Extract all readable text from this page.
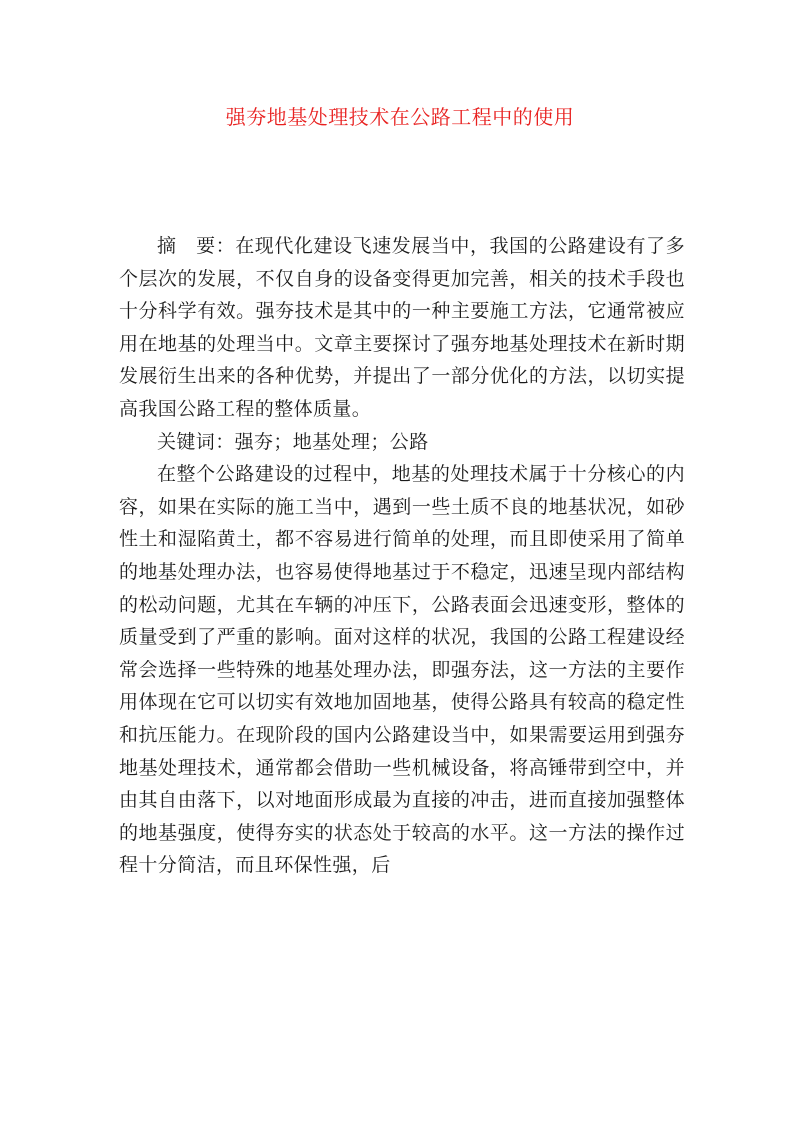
强夯地基处理技术在公路工程中的使用

摘　要：在现代化建设飞速发展当中，我国的公路建设有了多个层次的发展，不仅自身的设备变得更加完善，相关的技术手段也十分科学有效。强夯技术是其中的一种主要施工方法，它通常被应用在地基的处理当中。文章主要探讨了强夯地基处理技术在新时期发展衍生出来的各种优势，并提出了一部分优化的方法，以切实提高我国公路工程的整体质量。

关键词：强夯；地基处理；公路

在整个公路建设的过程中，地基的处理技术属于十分核心的内容，如果在实际的施工当中，遇到一些土质不良的地基状况，如砂性土和湿陷黄土，都不容易进行简单的处理，而且即使采用了简单的地基处理办法，也容易使得地基过于不稳定，迅速呈现内部结构的松动问题，尤其在车辆的冲压下，公路表面会迅速变形，整体的质量受到了严重的影响。面对这样的状况，我国的公路工程建设经常会选择一些特殊的地基处理办法，即强夯法，这一方法的主要作用体现在它可以切实有效地加固地基，使得公路具有较高的稳定性和抗压能力。在现阶段的国内公路建设当中，如果需要运用到强夯地基处理技术，通常都会借助一些机械设备，将高锤带到空中，并由其自由落下，以对地面形成最为直接的冲击，进而直接加强整体的地基强度，使得夯实的状态处于较高的水平。这一方法的操作过程十分简洁，而且环保性强，后
